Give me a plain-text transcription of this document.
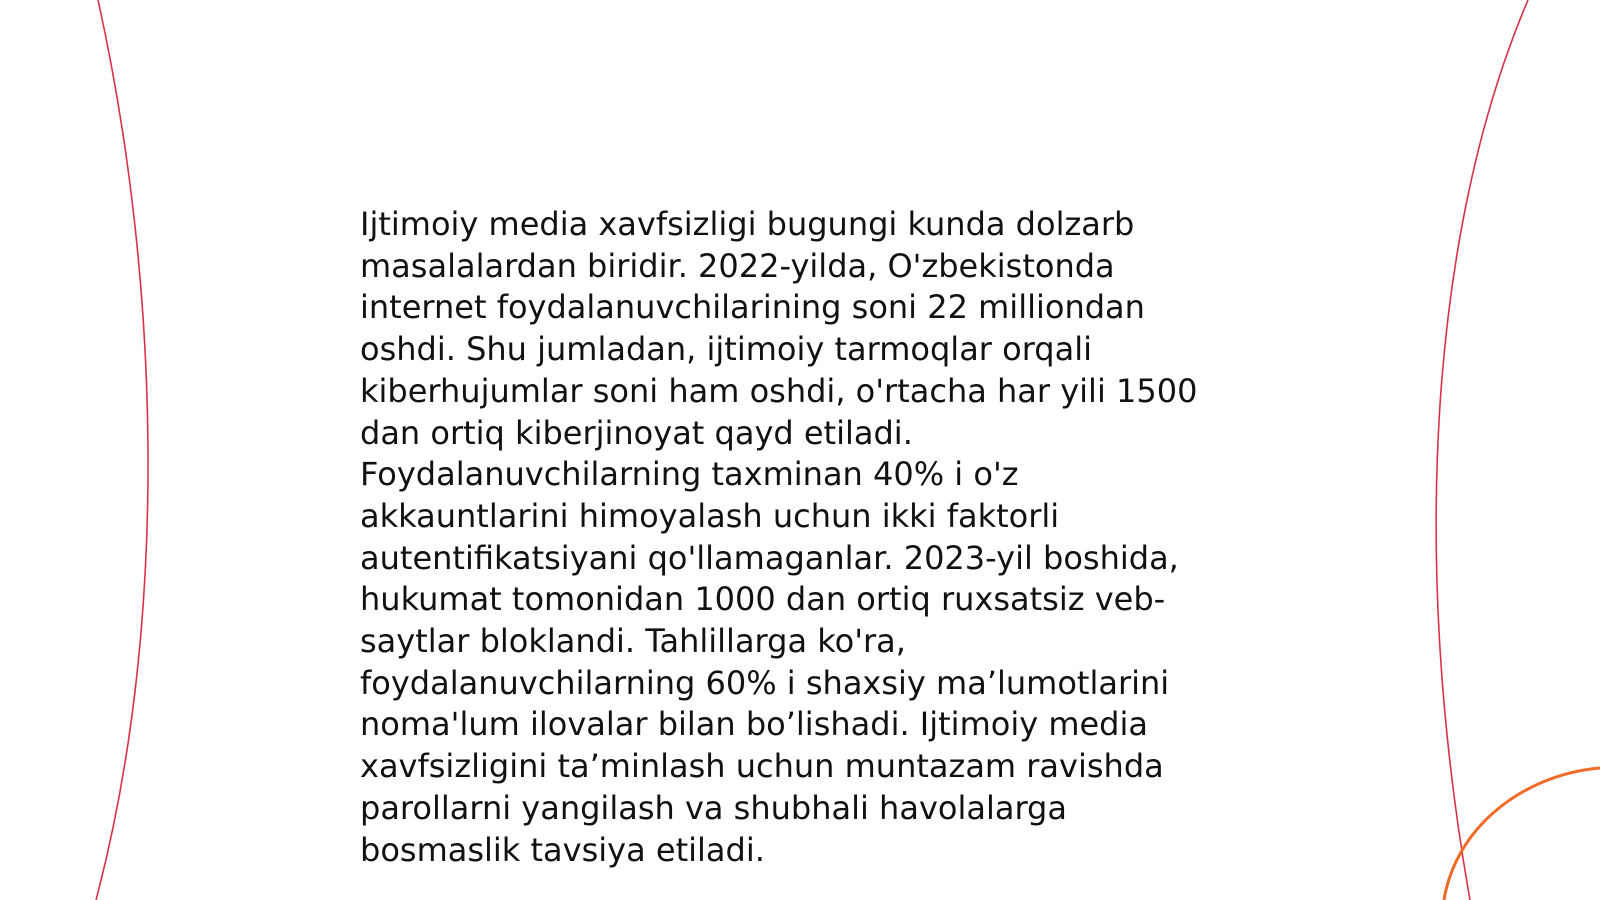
Ijtimoiy media xavfsizligi bugungi kunda dolzarb
masalalardan biridir. 2022-yilda, O'zbekistonda
internet foydalanuvchilarining soni 22 milliondan
oshdi. Shu jumladan, ijtimoiy tarmoqlar orqali
kiberhujumlar soni ham oshdi, o'rtacha har yili 1500
dan ortiq kiberjinoyat qayd etiladi.
Foydalanuvchilarning taxminan 40% i o'z
akkauntlarini himoyalash uchun ikki faktorli
autentifikatsiyani qo'llamaganlar. 2023-yil boshida,
hukumat tomonidan 1000 dan ortiq ruxsatsiz veb-
saytlar bloklandi. Tahlillarga ko'ra,
foydalanuvchilarning 60% i shaxsiy ma’lumotlarini
noma'lum ilovalar bilan bo’lishadi. Ijtimoiy media
xavfsizligini ta’minlash uchun muntazam ravishda
parollarni yangilash va shubhali havolalarga
bosmaslik tavsiya etiladi.
